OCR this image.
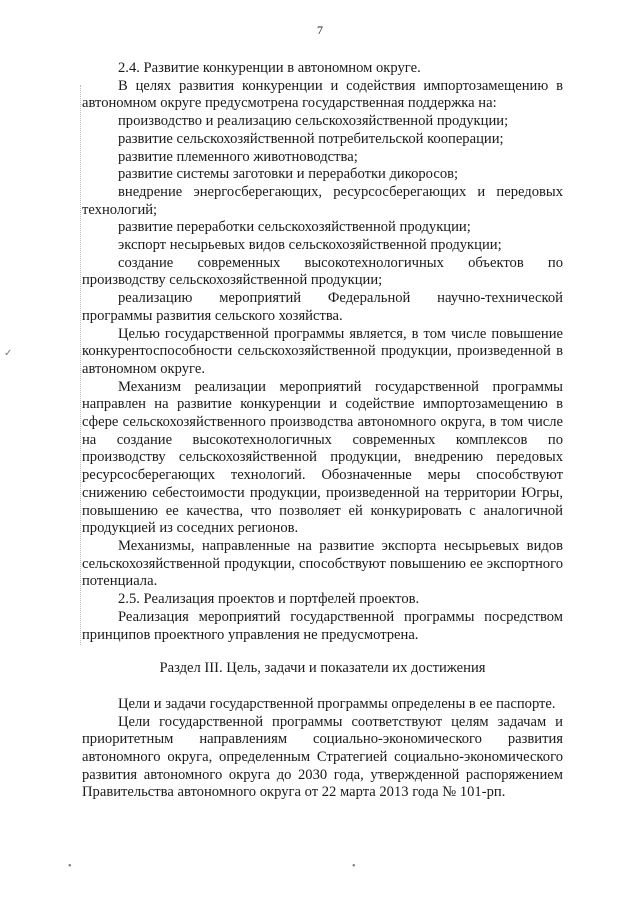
7
✓
•	•

2.4. Развитие конкуренции в автономном округе.

В целях развития конкуренции и содействия импортозамещению в автономном округе предусмотрена государственная поддержка на:

производство и реализацию сельскохозяйственной продукции;

развитие сельскохозяйственной потребительской кооперации;

развитие племенного животноводства;

развитие системы заготовки и переработки дикоросов;

внедрение энергосберегающих, ресурсосберегающих и передовых технологий;

развитие переработки сельскохозяйственной продукции;

экспорт несырьевых видов сельскохозяйственной продукции;

создание современных высокотехнологичных объектов по производству сельскохозяйственной продукции;

реализацию мероприятий Федеральной научно-технической программы развития сельского хозяйства.

Целью государственной программы является, в том числе повышение конкурентоспособности сельскохозяйственной продукции, произведенной в автономном округе.

Механизм реализации мероприятий государственной программы направлен на развитие конкуренции и содействие импортозамещению в сфере сельскохозяйственного производства автономного округа, в том числе на создание высокотехнологичных современных комплексов по производству сельскохозяйственной продукции, внедрению передовых ресурсосберегающих технологий. Обозначенные меры способствуют снижению себестоимости продукции, произведенной на территории Югры, повышению ее качества, что позволяет ей конкурировать с аналогичной продукцией из соседних регионов.

Механизмы, направленные на развитие экспорта несырьевых видов сельскохозяйственной продукции, способствуют повышению ее экспортного потенциала.

2.5. Реализация проектов и портфелей проектов.

Реализация мероприятий государственной программы посредством принципов проектного управления не предусмотрена.

Раздел III. Цель, задачи и показатели их достижения

Цели и задачи государственной программы определены в ее паспорте.

Цели государственной программы соответствуют целям задачам и приоритетным направлениям социально-экономического развития автономного округа, определенным Стратегией социально-экономического развития автономного округа до 2030 года, утвержденной распоряжением Правительства автономного округа от 22 марта 2013 года № 101-рп.
